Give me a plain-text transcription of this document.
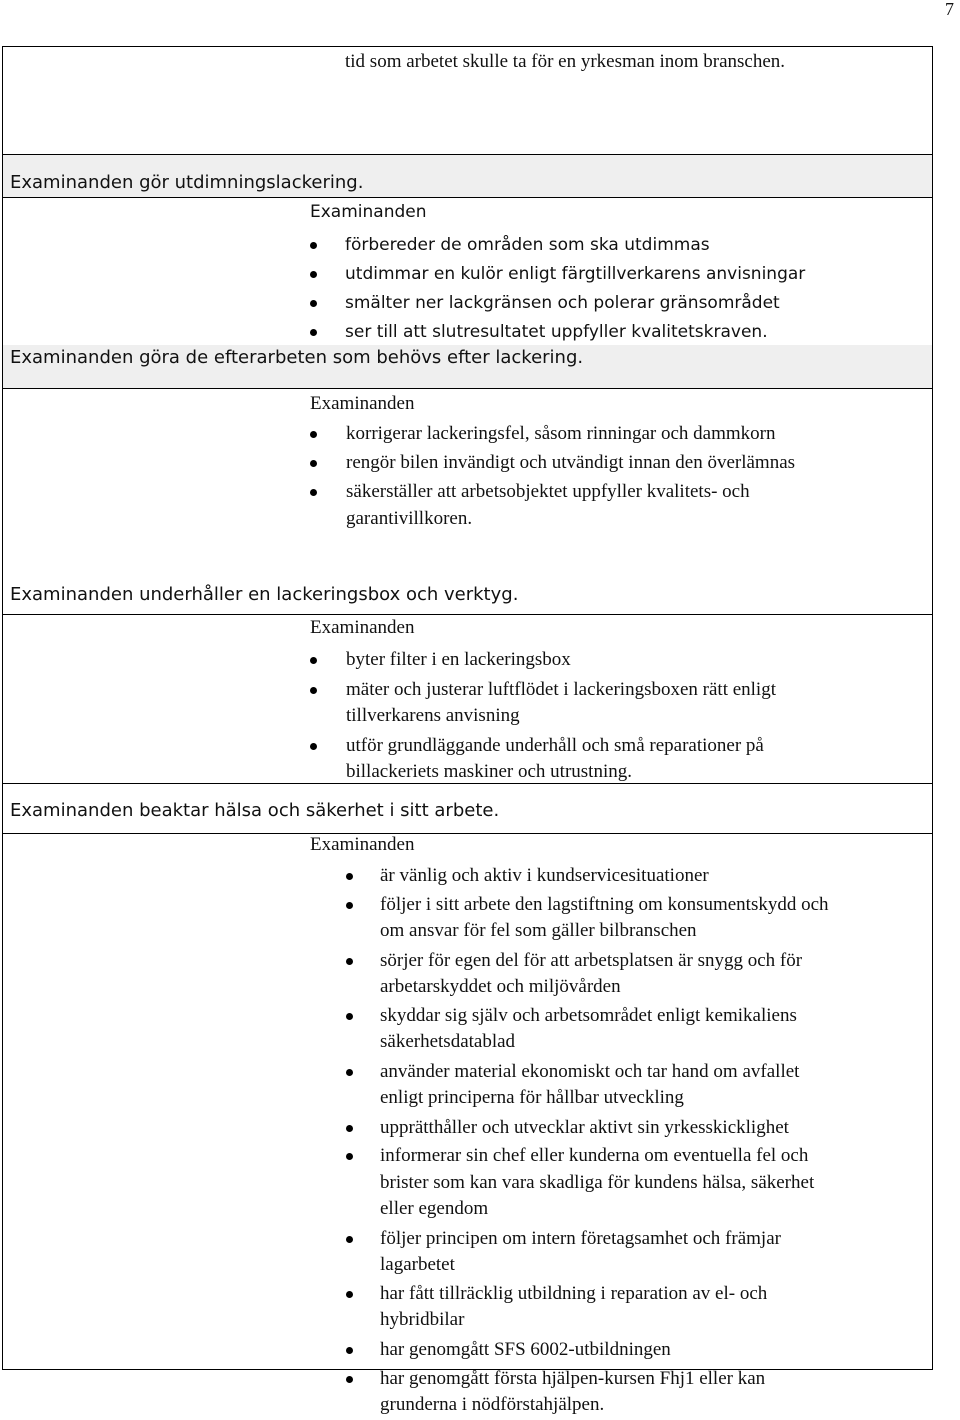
7
tid som arbetet skulle ta för en yrkesman inom branschen.
Examinanden gör utdimningslackering.
Examinanden
förbereder de områden som ska utdimmas
utdimmar en kulör enligt färgtillverkarens anvisningar
smälter ner lackgränsen och polerar gränsområdet
ser till att slutresultatet uppfyller kvalitetskraven.
Examinanden göra de efterarbeten som behövs efter lackering.
Examinanden
korrigerar lackeringsfel, såsom rinningar och dammkorn
rengör bilen invändigt och utvändigt innan den överlämnas
säkerställer att arbetsobjektet uppfyller kvalitets- och
garantivillkoren.
Examinanden underhåller en lackeringsbox och verktyg.
Examinanden
byter filter i en lackeringsbox
mäter och justerar luftflödet i lackeringsboxen rätt enligt
tillverkarens anvisning
utför grundläggande underhåll och små reparationer på
billackeriets maskiner och utrustning.
Examinanden beaktar hälsa och säkerhet i sitt arbete.
Examinanden
är vänlig och aktiv i kundservicesituationer
följer i sitt arbete den lagstiftning om konsumentskydd och
om ansvar för fel som gäller bilbranschen
sörjer för egen del för att arbetsplatsen är snygg och för
arbetarskyddet och miljövården
skyddar sig själv och arbetsområdet enligt kemikaliens
säkerhetsdatablad
använder material ekonomiskt och tar hand om avfallet
enligt principerna för hållbar utveckling
upprätthåller och utvecklar aktivt sin yrkesskicklighet
informerar sin chef eller kunderna om eventuella fel och
brister som kan vara skadliga för kundens hälsa, säkerhet
eller egendom
följer principen om intern företagsamhet och främjar
lagarbetet
har fått tillräcklig utbildning i reparation av el- och
hybridbilar
har genomgått SFS 6002-utbildningen
har genomgått första hjälpen-kursen Fhj1 eller kan
grunderna i nödförstahjälpen.
